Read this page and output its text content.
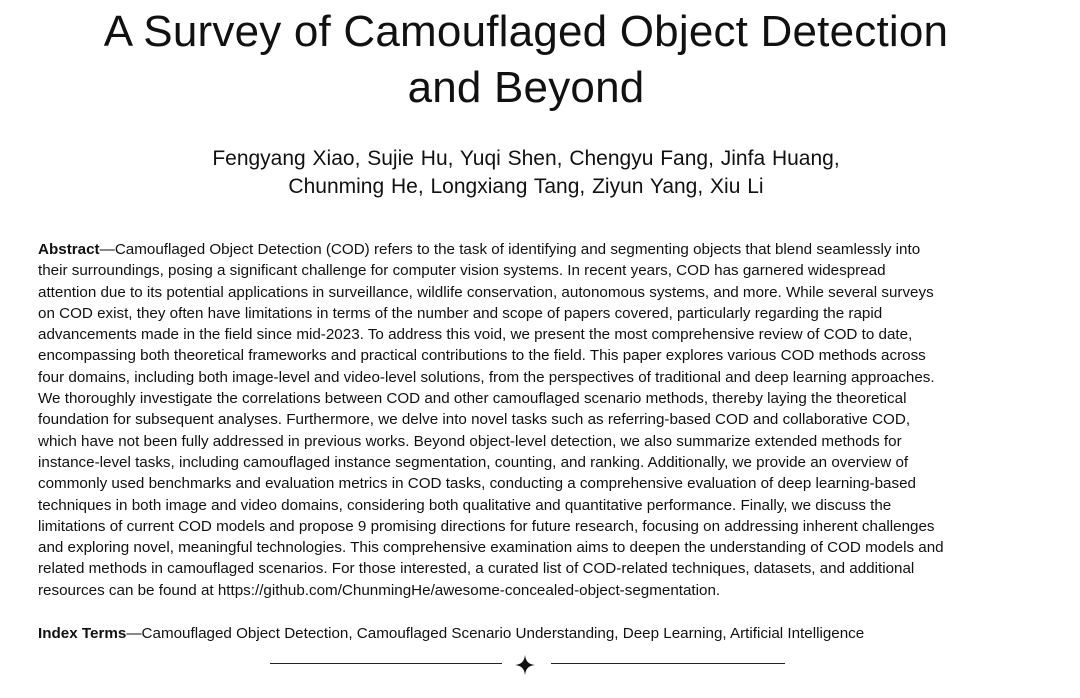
A Survey of Camouflaged Object Detection
and Beyond
Fengyang Xiao, Sujie Hu, Yuqi Shen, Chengyu Fang, Jinfa Huang,
Chunming He, Longxiang Tang, Ziyun Yang, Xiu Li
Abstract—Camouflaged Object Detection (COD) refers to the task of identifying and segmenting objects that blend seamlessly into
their surroundings, posing a significant challenge for computer vision systems. In recent years, COD has garnered widespread
attention due to its potential applications in surveillance, wildlife conservation, autonomous systems, and more. While several surveys
on COD exist, they often have limitations in terms of the number and scope of papers covered, particularly regarding the rapid
advancements made in the field since mid-2023. To address this void, we present the most comprehensive review of COD to date,
encompassing both theoretical frameworks and practical contributions to the field. This paper explores various COD methods across
four domains, including both image-level and video-level solutions, from the perspectives of traditional and deep learning approaches.
We thoroughly investigate the correlations between COD and other camouflaged scenario methods, thereby laying the theoretical
foundation for subsequent analyses. Furthermore, we delve into novel tasks such as referring-based COD and collaborative COD,
which have not been fully addressed in previous works. Beyond object-level detection, we also summarize extended methods for
instance-level tasks, including camouflaged instance segmentation, counting, and ranking. Additionally, we provide an overview of
commonly used benchmarks and evaluation metrics in COD tasks, conducting a comprehensive evaluation of deep learning-based
techniques in both image and video domains, considering both qualitative and quantitative performance. Finally, we discuss the
limitations of current COD models and propose 9 promising directions for future research, focusing on addressing inherent challenges
and exploring novel, meaningful technologies. This comprehensive examination aims to deepen the understanding of COD models and
related methods in camouflaged scenarios. For those interested, a curated list of COD-related techniques, datasets, and additional
resources can be found at https://github.com/ChunmingHe/awesome-concealed-object-segmentation.

Index Terms—Camouflaged Object Detection, Camouflaged Scenario Understanding, Deep Learning, Artificial Intelligence
